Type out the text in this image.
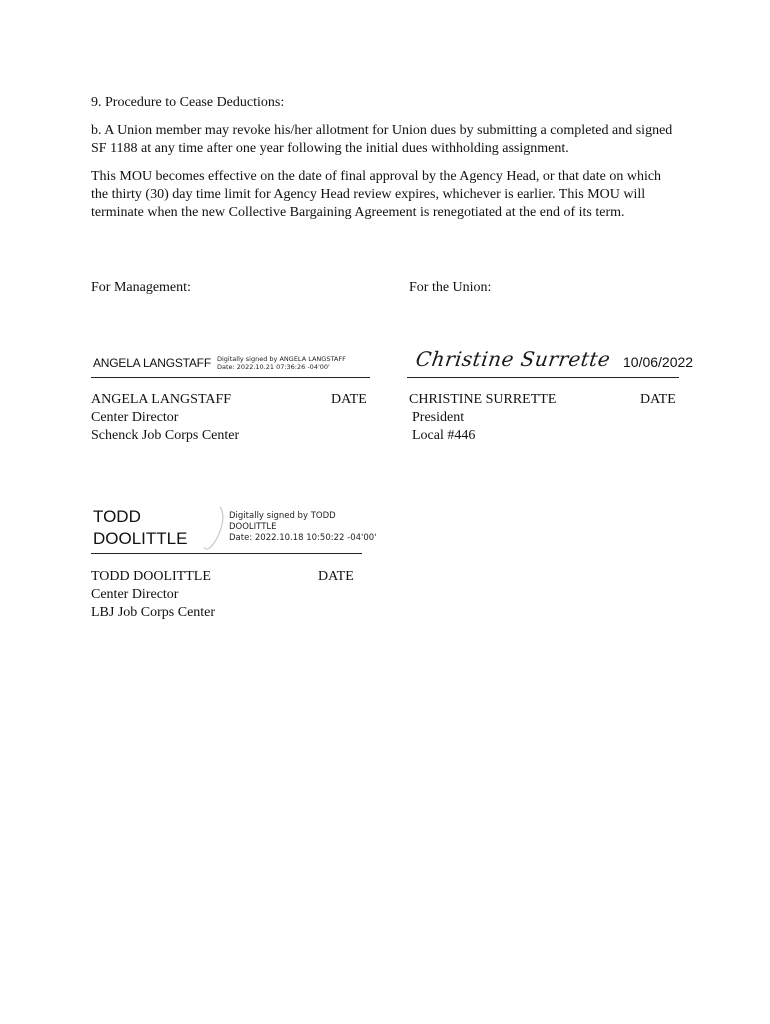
9. Procedure to Cease Deductions:
b. A Union member may revoke his/her allotment for Union dues by submitting a completed and signed SF 1188 at any time after one year following the initial dues withholding assignment.
This MOU becomes effective on the date of final approval by the Agency Head, or that date on which the thirty (30) day time limit for Agency Head review expires, whichever is earlier. This MOU will terminate when the new Collective Bargaining Agreement is renegotiated at the end of its term.
For Management:	For the Union:
ANGELA LANGSTAFF Digitally signed by ANGELA LANGSTAFF
Date: 2022.10.21 07:36:26 -04'00'
ANGELA LANGSTAFF	DATE
Center Director
Schenck Job Corps Center
Christine Surrette 10/06/2022
CHRISTINE SURRETTE	DATE
President
Local #446
TODD
DOOLITTLE
Digitally signed by TODD
DOOLITTLE
Date: 2022.10.18 10:50:22 -04'00'
TODD DOOLITTLE	DATE
Center Director
LBJ Job Corps Center
